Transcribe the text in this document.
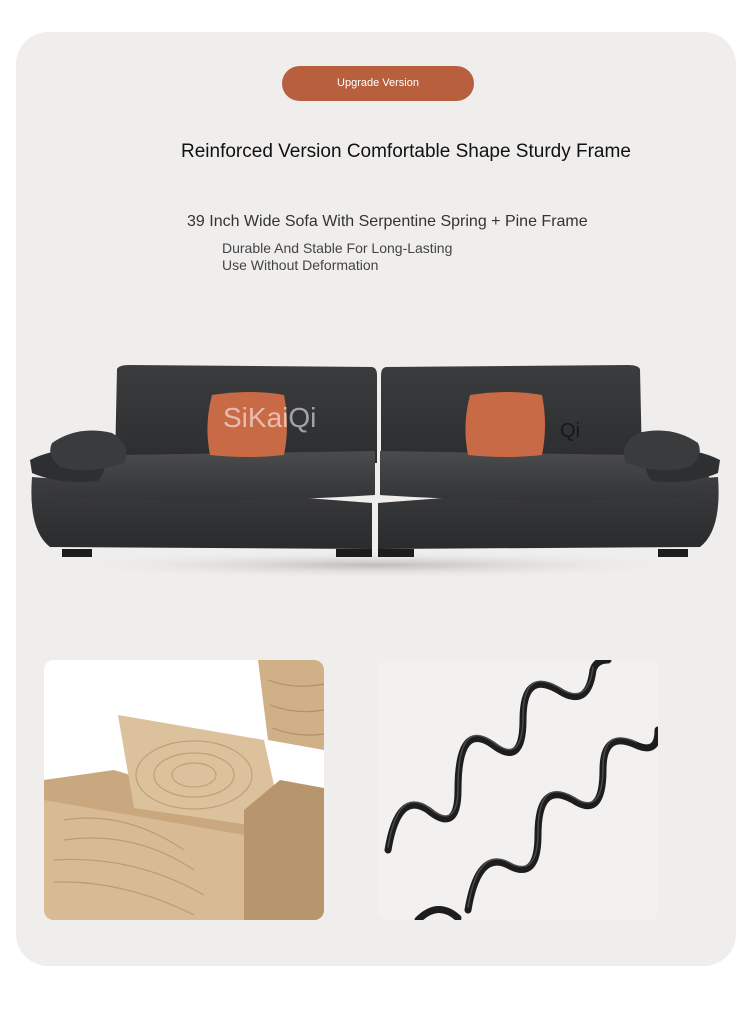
Upgrade Version
Reinforced Version Comfortable Shape Sturdy Frame
39 Inch Wide Sofa With Serpentine Spring + Pine Frame
Durable And Stable For Long-Lasting
Use Without Deformation
SiKaiQi	Qi
